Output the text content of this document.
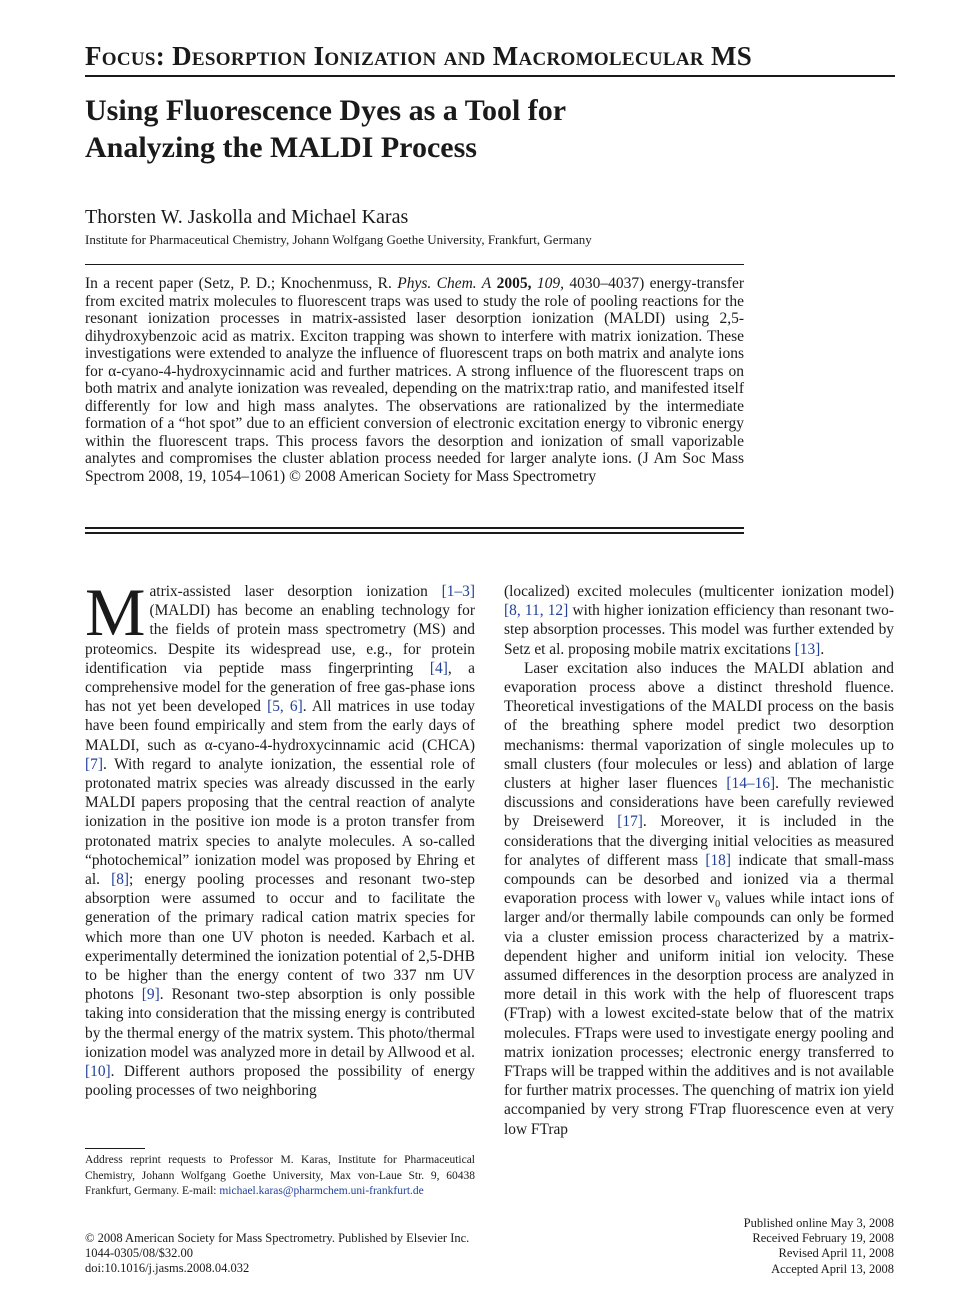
Focus: Desorption Ionization and Macromolecular MS
Using Fluorescence Dyes as a Tool for
Analyzing the MALDI Process
Thorsten W. Jaskolla and Michael Karas
Institute for Pharmaceutical Chemistry, Johann Wolfgang Goethe University, Frankfurt, Germany
In a recent paper (Setz, P. D.; Knochenmuss, R. Phys. Chem. A 2005, 109, 4030–4037) energy-transfer from excited matrix molecules to fluorescent traps was used to study the role of pooling reactions for the resonant ionization processes in matrix-assisted laser desorption ionization (MALDI) using 2,5-dihydroxybenzoic acid as matrix. Exciton trapping was shown to interfere with matrix ionization. These investigations were extended to analyze the influence of fluorescent traps on both matrix and analyte ions for α-cyano-4-hydroxycinnamic acid and further matrices. A strong influence of the fluorescent traps on both matrix and analyte ionization was revealed, depending on the matrix:trap ratio, and manifested itself differently for low and high mass analytes. The observations are rationalized by the intermediate formation of a “hot spot” due to an efficient conversion of electronic excitation energy to vibronic energy within the fluorescent traps. This process favors the desorption and ionization of small vaporizable analytes and compromises the cluster ablation process needed for larger analyte ions. (J Am Soc Mass Spectrom 2008, 19, 1054–1061) © 2008 American Society for Mass Spectrometry

Matrix-assisted laser desorption ionization [1–3] (MALDI) has become an enabling technology for the fields of protein mass spectrometry (MS) and proteomics. Despite its widespread use, e.g., for protein identification via peptide mass fingerprinting [4], a comprehensive model for the generation of free gas-phase ions has not yet been developed [5, 6]. All matrices in use today have been found empirically and stem from the early days of MALDI, such as α-cyano-4-hydroxycinnamic acid (CHCA) [7]. With regard to analyte ionization, the essential role of protonated matrix species was already discussed in the early MALDI papers proposing that the central reaction of analyte ionization in the positive ion mode is a proton transfer from protonated matrix species to analyte molecules. A so-called “photochemical” ionization model was proposed by Ehring et al. [8]; energy pooling processes and resonant two-step absorption were assumed to occur and to facilitate the generation of the primary radical cation matrix species for which more than one UV photon is needed. Karbach et al. experimentally determined the ionization potential of 2,5-DHB to be higher than the energy content of two 337 nm UV photons [9]. Resonant two-step absorption is only possible taking into consideration that the missing energy is contributed by the thermal energy of the matrix system. This photo/thermal ionization model was analyzed more in detail by Allwood et al. [10]. Different authors proposed the possibility of energy pooling processes of two neighboring

(localized) excited molecules (multicenter ionization model) [8, 11, 12] with higher ionization efficiency than resonant two-step absorption processes. This model was further extended by Setz et al. proposing mobile matrix excitations [13].

Laser excitation also induces the MALDI ablation and evaporation process above a distinct threshold fluence. Theoretical investigations of the MALDI process on the basis of the breathing sphere model predict two desorption mechanisms: thermal vaporization of single molecules up to small clusters (four molecules or less) and ablation of large clusters at higher laser fluences [14–16]. The mechanistic discussions and considerations have been carefully reviewed by Dreisewerd [17]. Moreover, it is included in the considerations that the diverging initial velocities as measured for analytes of different mass [18] indicate that small-mass compounds can be desorbed and ionized via a thermal evaporation process with lower $v_0$ values while intact ions of larger and/or thermally labile compounds can only be formed via a cluster emission process characterized by a matrix-dependent higher and uniform initial ion velocity. These assumed differences in the desorption process are analyzed in more detail in this work with the help of fluorescent traps (FTrap) with a lowest excited-state below that of the matrix molecules. FTraps were used to investigate energy pooling and matrix ionization processes; electronic energy transferred to FTraps will be trapped within the additives and is not available for further matrix processes. The quenching of matrix ion yield accompanied by very strong FTrap fluorescence even at very low FTrap

Address reprint requests to Professor M. Karas, Institute for Pharmaceutical Chemistry, Johann Wolfgang Goethe University, Max von-Laue Str. 9, 60438 Frankfurt, Germany. E-mail: michael.karas@pharmchem.uni-frankfurt.de
© 2008 American Society for Mass Spectrometry. Published by Elsevier Inc.
1044-0305/08/$32.00
doi:10.1016/j.jasms.2008.04.032
Published online May 3, 2008
Received February 19, 2008
Revised April 11, 2008
Accepted April 13, 2008
